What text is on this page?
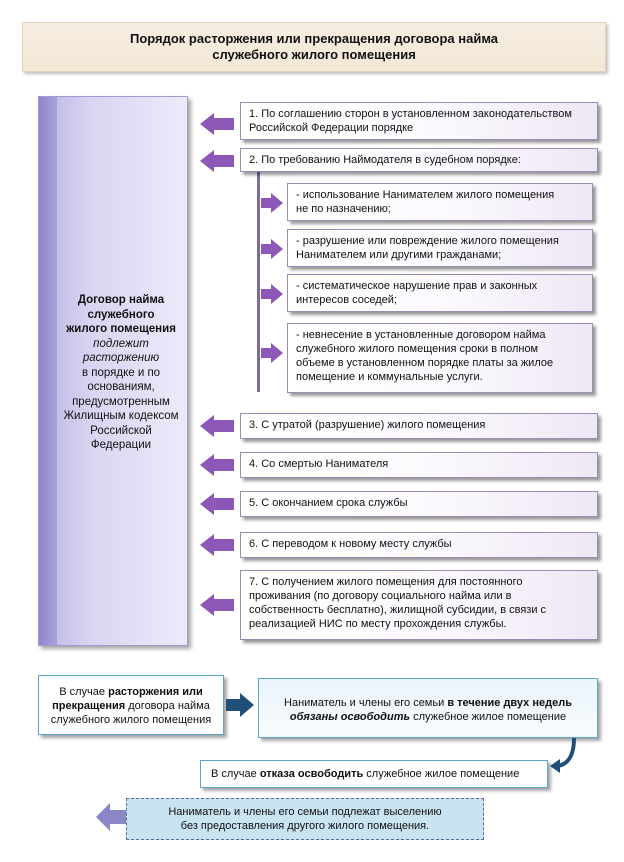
Порядок расторжения или прекращения договора найма
служебного жилого помещения
Договор найма
служебного
жилого помещения
подлежит
расторжению
в порядке и по
основаниям,
предусмотренным
Жилищным кодексом
Российской Федерации
1. По соглашению сторон в установленном законодательством
Российской Федерации порядке
2. По требованию Наймодателя в судебном порядке:
- использование Нанимателем жилого помещения
не по назначению;
- разрушение или повреждение жилого помещения
Нанимателем или другими гражданами;
- систематическое нарушение прав и законных
интересов соседей;
- невнесение в установленные договором найма
служебного жилого помещения сроки в полном
объеме в установленном порядке платы за жилое
помещение и коммунальные услуги.
3. С утратой (разрушение) жилого помещения
4. Со смертью Нанимателя
5. С окончанием срока службы
6. С переводом к новому месту службы
7. С получением жилого помещения для постоянного
проживания (по договору социального найма или в
собственность бесплатно), жилищной субсидии, в связи с
реализацией НИС по месту прохождения службы.
В случае расторжения или
прекращения договора найма
служебного жилого помещения
Наниматель и члены его семьи в течение двух недель
обязаны освободить служебное жилое помещение
В случае отказа освободить служебное жилое помещение
Наниматель и члены его семьи подлежат выселению
без предоставления другого жилого помещения.
